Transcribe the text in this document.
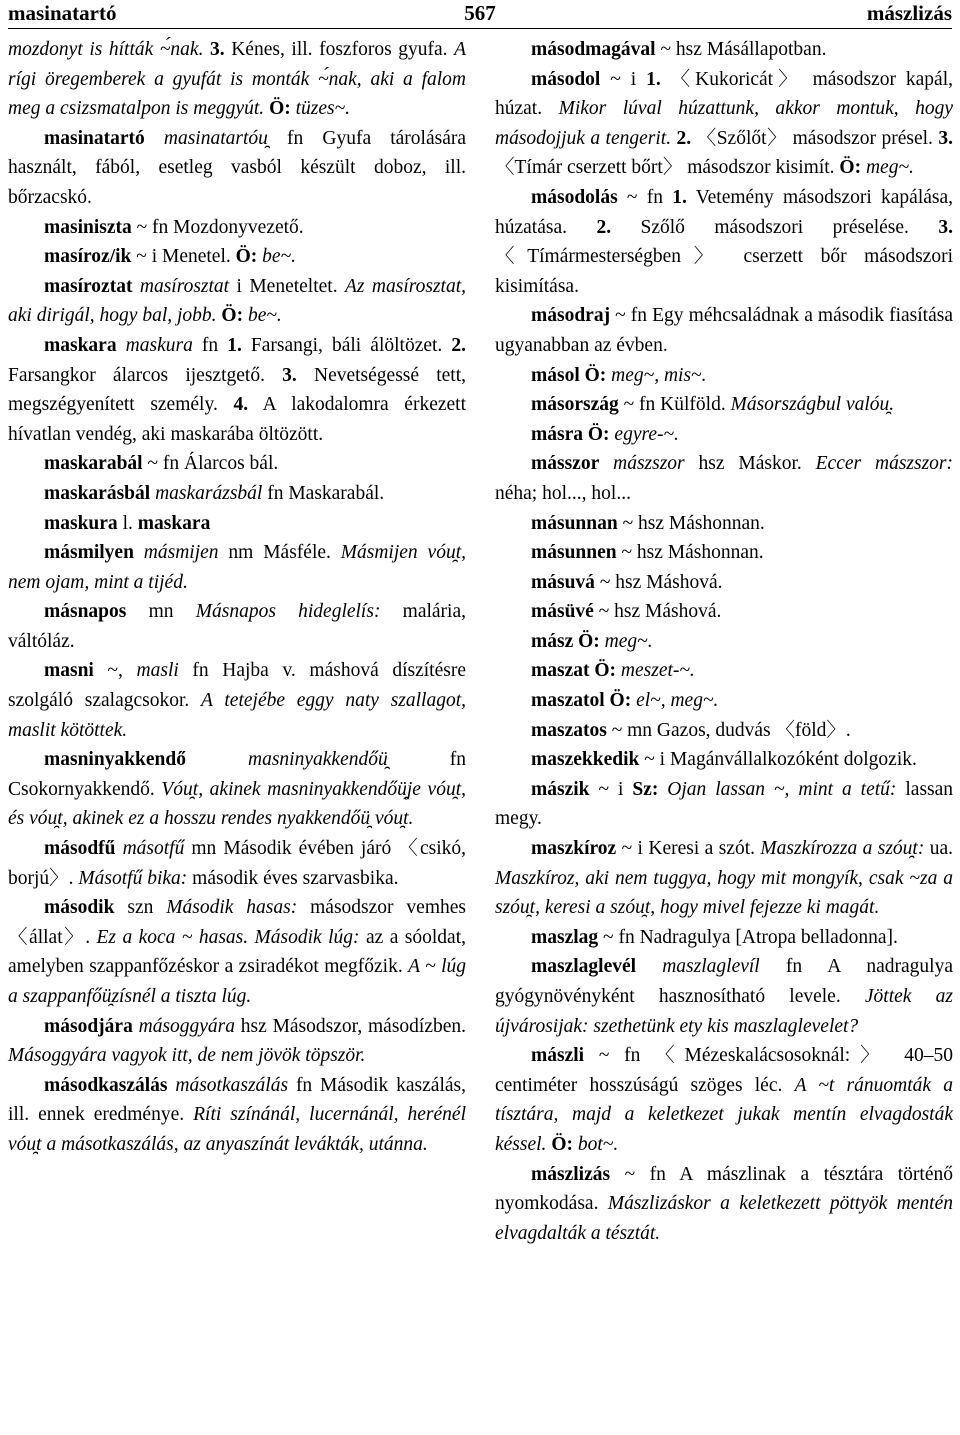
masinatartó	567	mászlizás

mozdonyt is hítták ~́nak. 3. Kénes, ill. foszforos gyufa. A rígi öregemberek a gyufát is monták ~́nak, aki a falom meg a csizsmatalpon is meggyút. Ö: tüzes~.

masinatartó masinatartóu̯ fn Gyufa tárolására használt, fából, esetleg vasból készült doboz, ill. bőrzacskó.

masiniszta ~ fn Mozdonyvezető.

masíroz/ik ~ i Menetel. Ö: be~.

masíroztat masírosztat i Meneteltet. Az masírosztat, aki dirigál, hogy bal, jobb. Ö: be~.

maskara maskura fn 1. Farsangi, báli álöltözet. 2. Farsangkor álarcos ijesztgető. 3. Nevetségessé tett, megszégyenített személy. 4. A lakodalomra érkezett hívatlan vendég, aki maskarába öltözött.

maskarabál ~ fn Álarcos bál.

maskarásbál maskarázsbál fn Maskarabál.

maskura l. maskara

másmilyen másmijen nm Másféle. Másmijen vóu̯t, nem ojam, mint a tijéd.

másnapos mn Másnapos hideglelís: malária, váltóláz.

masni ~, masli fn Hajba v. máshová díszítésre szolgáló szalagcsokor. A tetejébe eggy naty szallagot, maslit kötöttek.

masninyakkendő	masninyakkendőü̯ fn Csokornyakkendő. Vóu̯t, akinek masninyakkendőü̯je vóu̯t, és vóu̯t, akinek ez a hosszu rendes nyakkendőü̯ vóu̯t.

másodfű másotfű mn Második évében járó 〈csikó, borjú〉. Másotfű bika: második éves szarvasbika.

második szn Második hasas: másodszor vemhes 〈állat〉. Ez a koca ~ hasas. Második lúg: az a sóoldat, amelyben szappanfőzéskor a zsiradékot megfőzik. A ~ lúg a szappanfőü̯zísnél a tiszta lúg.

másodjára másoggyára hsz Másodszor, másodízben. Másoggyára vagyok itt, de nem jövök töpször.

másodkaszálás másotkaszálás fn Második kaszálás, ill. ennek eredménye. Ríti színánál, lucernánál, herénél vóu̯t a másotkaszálás, az anyaszínát levákták, utánna.

másodmagával ~ hsz Másállapotban.

másodol ~ i 1. 〈Kukoricát〉 másodszor kapál, húzat. Mikor lúval húzattunk, akkor montuk, hogy másodojjuk a tengerit. 2. 〈Szőlőt〉 másodszor présel. 3. 〈Tímár cserzett bőrt〉 másodszor kisimít. Ö: meg~.

másodolás ~ fn 1. Vetemény másodszori kapálása, húzatása. 2. Szőlő másodszori préselése. 3. 〈Tímármesterségben〉 cserzett bőr másodszori kisimítása.

másodraj ~ fn Egy méhcsaládnak a második fiasítása ugyanabban az évben.

másol Ö: meg~, mis~.

másország ~ fn Külföld. Másországbul valóu̯.

másra Ö: egyre-~.

másszor mászszor hsz Máskor. Eccer mászszor: néha; hol..., hol...

másunnan ~ hsz Máshonnan.

másunnen ~ hsz Máshonnan.

másuvá ~ hsz Máshová.

másüvé ~ hsz Máshová.

mász Ö: meg~.

maszat Ö: meszet-~.

maszatol Ö: el~, meg~.

maszatos ~ mn Gazos, dudvás 〈föld〉.

maszekkedik ~ i Magánvállalkozóként dolgozik.

mászik ~ i Sz: Ojan lassan ~, mint a tetű: lassan megy.

maszkíroz ~ i Keresi a szót. Maszkírozza a szóu̯t: ua. Maszkíroz, aki nem tuggya, hogy mit mongyík, csak ~za a szóu̯t, keresi a szóu̯t, hogy mivel fejezze ki magát.

maszlag ~ fn Nadragulya [Atropa belladonna].

maszlaglevél maszlaglevíl fn A nadragulya gyógynövényként hasznosítható levele. Jöttek az újvárosijak: szethetünk ety kis maszlaglevelet?

mászli ~ fn 〈Mézeskalácsosoknál:〉 40–50 centiméter hosszúságú szöges léc. A ~t ránuomták a tísztára, majd a keletkezet jukak mentín elvagdosták késsel. Ö: bot~.

mászlizás ~ fn A mászlinak a tésztára történő nyomkodása. Mászlizáskor a keletkezett pöttyök mentén elvagdalták a tésztát.
